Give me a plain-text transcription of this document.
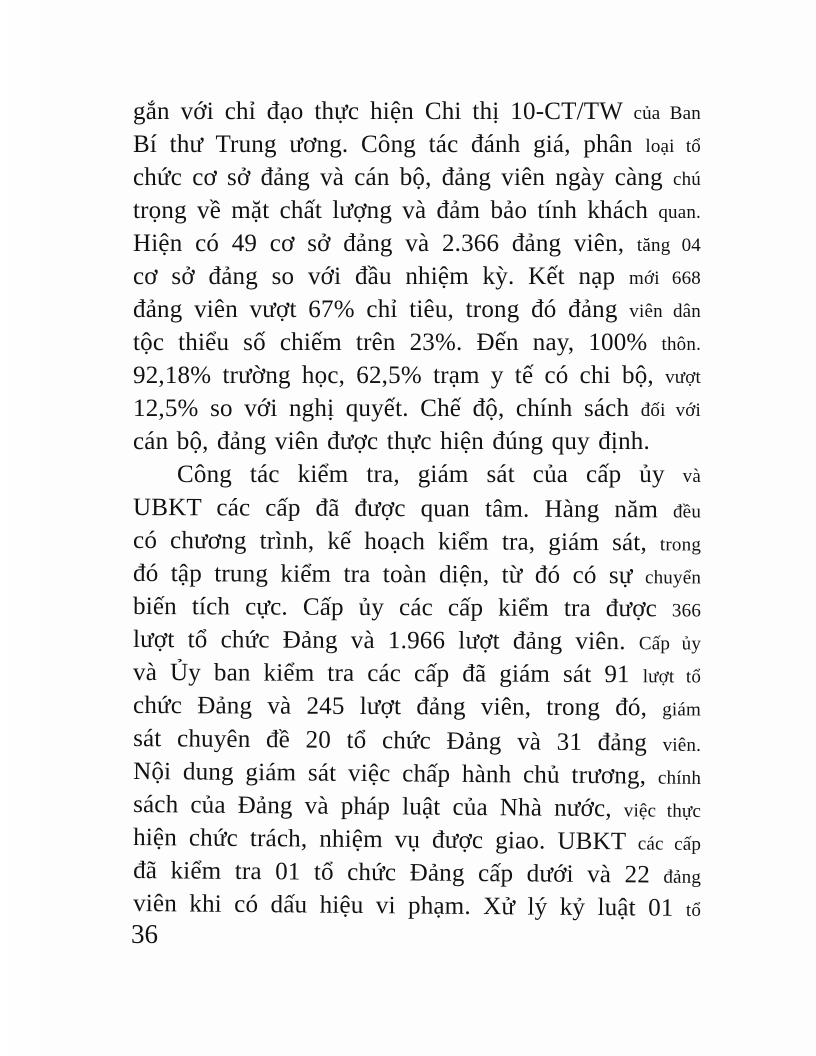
gắn với chỉ đạo thực hiện Chi thị 10-CT/TW của Ban
Bí thư Trung ương. Công tác đánh giá, phân loại tổ
chức cơ sở đảng và cán bộ, đảng viên ngày càng chú
trọng về mặt chất lượng và đảm bảo tính khách quan.
Hiện có 49 cơ sở đảng và 2.366 đảng viên, tăng 04
cơ sở đảng so với đầu nhiệm kỳ. Kết nạp mới 668
đảng viên vượt 67% chỉ tiêu, trong đó đảng viên dân
tộc thiểu số chiếm trên 23%. Đến nay, 100% thôn.
92,18% trường học, 62,5% trạm y tế có chi bộ, vượt
12,5% so với nghị quyết. Chế độ, chính sách đối với
cán bộ, đảng viên được thực hiện đúng quy định.
Công tác kiểm tra, giám sát của cấp ủy và
UBKT các cấp đã được quan tâm. Hàng năm đều
có chương trình, kế hoạch kiểm tra, giám sát, trong
đó tập trung kiểm tra toàn diện, từ đó có sự chuyển
biến tích cực. Cấp ủy các cấp kiểm tra được 366
lượt tổ chức Đảng và 1.966 lượt đảng viên. Cấp ủy
và Ủy ban kiểm tra các cấp đã giám sát 91 lượt tổ
chức Đảng và 245 lượt đảng viên, trong đó, giám
sát chuyên đề 20 tổ chức Đảng và 31 đảng viên.
Nội dung giám sát việc chấp hành chủ trương, chính
sách của Đảng và pháp luật của Nhà nước, việc thực
hiện chức trách, nhiệm vụ được giao. UBKT các cấp
đã kiểm tra 01 tổ chức Đảng cấp dưới và 22 đảng
viên khi có dấu hiệu vi phạm. Xử lý kỷ luật 01 tổ
36
